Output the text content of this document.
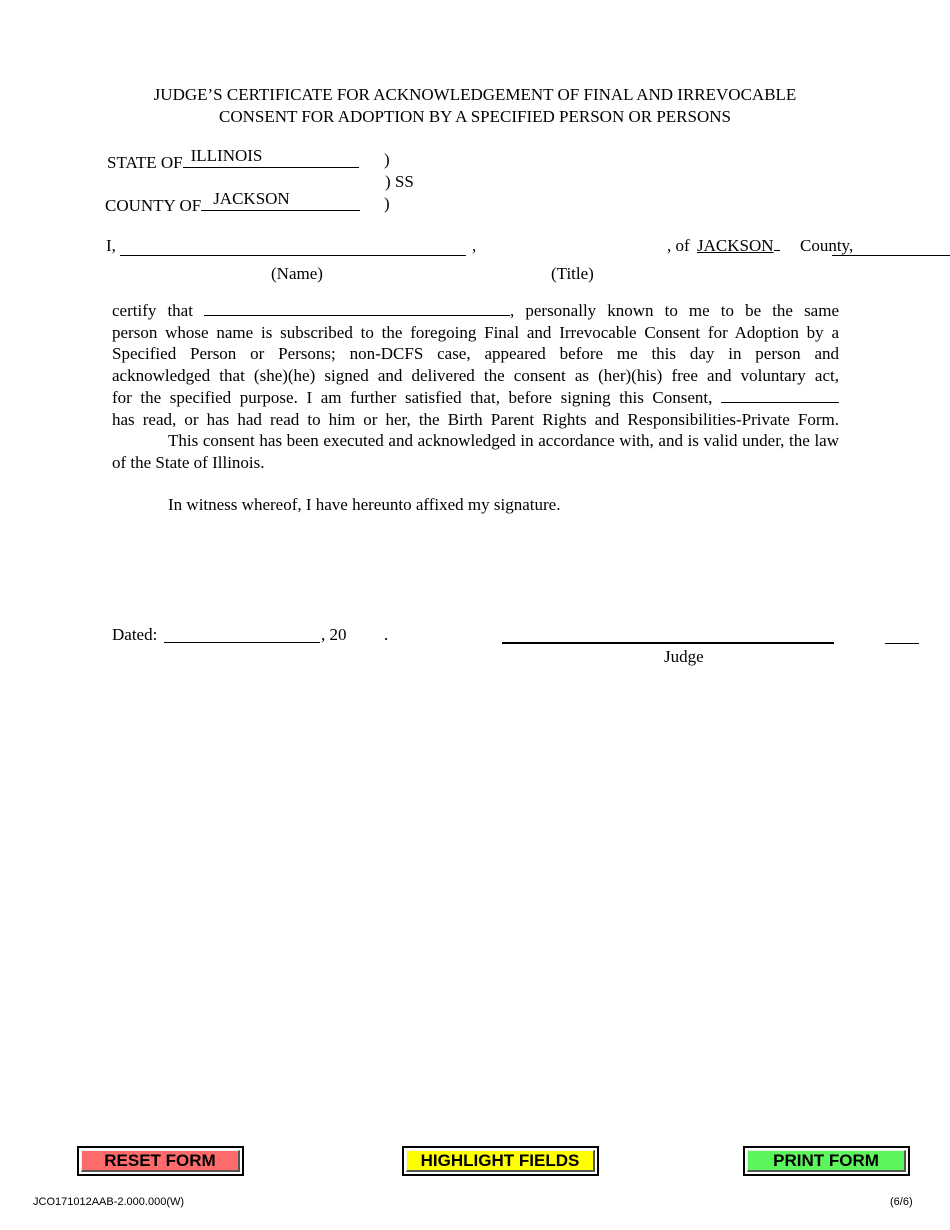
JUDGE’S CERTIFICATE FOR ACKNOWLEDGEMENT OF FINAL AND IRREVOCABLE
CONSENT FOR ADOPTION BY A SPECIFIED PERSON OR PERSONS
STATE OF ILLINOIS	)
) SS
COUNTY OF JACKSON	)
I,
	,
	, of JACKSON	County,
(Name)	(Title)

certify that	, personally known to me to be the same

person whose name is subscribed to the foregoing Final and Irrevocable Consent for Adoption by a

Specified Person or Persons; non-DCFS case, appeared before me this day in person and

acknowledged that (she)(he) signed and delivered the consent as (her)(his) free and voluntary act,

for the specified purpose. I am further satisfied that, before signing this Consent,

has read, or has had read to him or her, the Birth Parent Rights and Responsibilities-Private Form.

This consent has been executed and acknowledged in accordance with, and is valid under, the law of the State of Illinois.

In witness whereof, I have hereunto affixed my signature.
Dated:	, 20 .
Judge
RESET FORM	HIGHLIGHT FIELDS	PRINT FORM
JCO171012AAB-2.000.000(W)	(6/6)
